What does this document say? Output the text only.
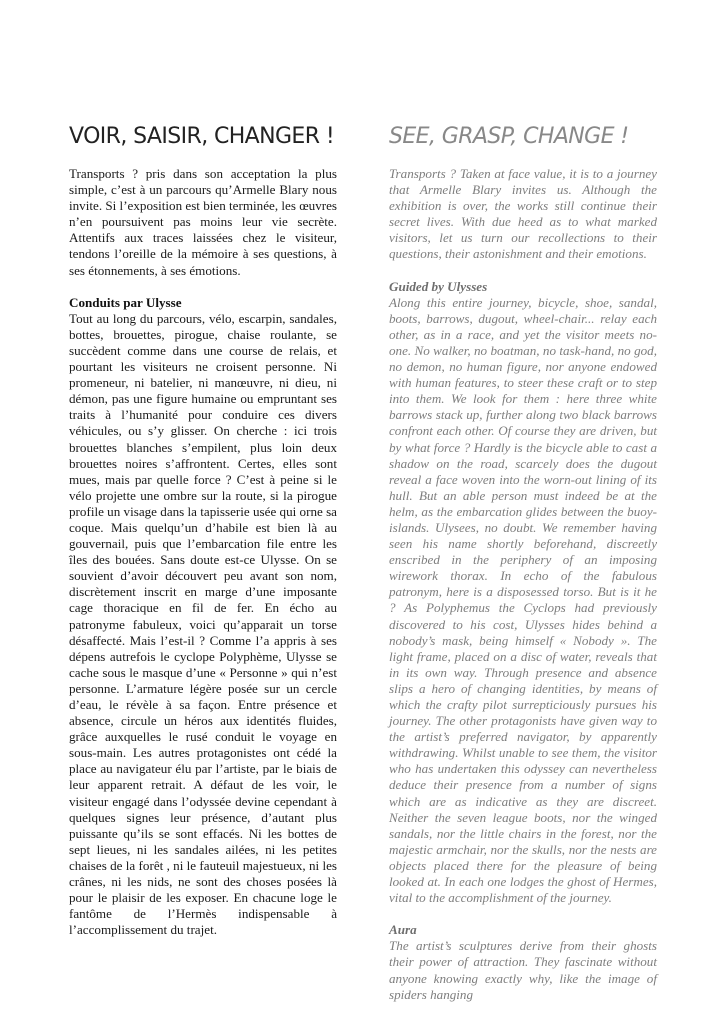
VOIR, SAISIR, CHANGER !

Transports ? pris dans son acceptation la plus simple, c’est à un parcours qu’Armelle Blary nous invite. Si l’exposition est bien terminée, les œuvres n’en poursuivent pas moins leur vie secrète. Attentifs aux traces laissées chez le visiteur, tendons l’oreille de la mémoire à ses questions, à ses étonnements, à ses émotions.

Conduits par Ulysse

Tout au long du parcours, vélo, escarpin, sandales, bottes, brouettes, pirogue, chaise roulante, se succèdent comme dans une course de relais, et pourtant les visiteurs ne croisent personne. Ni promeneur, ni batelier, ni manœuvre, ni dieu, ni démon, pas une figure humaine ou empruntant ses traits à l’humanité pour conduire ces divers véhicules, ou s’y glisser. On cherche : ici trois brouettes blanches s’empilent, plus loin deux brouettes noires s’affrontent. Certes, elles sont mues, mais par quelle force ? C’est à peine si le vélo projette une ombre sur la route, si la pirogue profile un visage dans la tapisserie usée qui orne sa coque. Mais quelqu’un d’habile est bien là au gouvernail, puis que l’embarcation file entre les îles des bouées. Sans doute est-ce Ulysse. On se souvient d’avoir découvert peu avant son nom, discrètement inscrit en marge d’une imposante cage thoracique en fil de fer. En écho au patronyme fabuleux, voici qu’apparait un torse désaffecté. Mais l’est-il ? Comme l’a appris à ses dépens autrefois le cyclope Polyphème, Ulysse se cache sous le masque d’une « Personne » qui n’est personne. L’armature légère posée sur un cercle d’eau, le révèle à sa façon. Entre présence et absence, circule un héros aux identités fluides, grâce auxquelles le rusé conduit le voyage en sous-main. Les autres protagonistes ont cédé la place au navigateur élu par l’artiste, par le biais de leur apparent retrait. A défaut de les voir, le visiteur engagé dans l’odyssée devine cependant à quelques signes leur présence, d’autant plus puissante qu’ils se sont effacés. Ni les bottes de sept lieues, ni les sandales ailées, ni les petites chaises de la forêt , ni le fauteuil majestueux, ni les crânes, ni les nids, ne sont des choses posées là pour le plaisir de les exposer. En chacune loge le fantôme de l’Hermès indispensable à l’accomplissement du trajet.

SEE, GRASP, CHANGE !

Transports ? Taken at face value, it is to a journey that Armelle Blary invites us. Although the exhibition is over, the works still continue their secret lives. With due heed as to what marked visitors, let us turn our recollections to their questions, their astonishment and their emotions.

Guided by Ulysses

Along this entire journey, bicycle, shoe, sandal, boots, barrows, dugout, wheel-chair... relay each other, as in a race, and yet the visitor meets no-one. No walker, no boatman, no task-hand, no god, no demon, no human figure, nor anyone endowed with human features, to steer these craft or to step into them. We look for them : here three white barrows stack up, further along two black barrows confront each other. Of course they are driven, but by what force ? Hardly is the bicycle able to cast a shadow on the road, scarcely does the dugout reveal a face woven into the worn-out lining of its hull. But an able person must indeed be at the helm, as the embarcation glides between the buoy-islands. Ulysees, no doubt. We remember having seen his name shortly beforehand, discreetly enscribed in the periphery of an imposing wirework thorax. In echo of the fabulous patronym, here is a disposessed torso. But is it he ? As Polyphemus the Cyclops had previously discovered to his cost, Ulysses hides behind a nobody’s mask, being himself « Nobody ». The light frame, placed on a disc of water, reveals that in its own way. Through presence and absence slips a hero of changing identities, by means of which the crafty pilot surrepticiously pursues his journey. The other protagonists have given way to the artist’s preferred navigator, by apparently withdrawing. Whilst unable to see them, the visitor who has undertaken this odyssey can nevertheless deduce their presence from a number of signs which are as indicative as they are discreet. Neither the seven league boots, nor the winged sandals, nor the little chairs in the forest, nor the majestic armchair, nor the skulls, nor the nests are objects placed there for the pleasure of being looked at. In each one lodges the ghost of Hermes, vital to the accomplishment of the journey.

Aura

The artist’s sculptures derive from their ghosts their power of attraction. They fascinate without anyone knowing exactly why, like the image of spiders hanging
